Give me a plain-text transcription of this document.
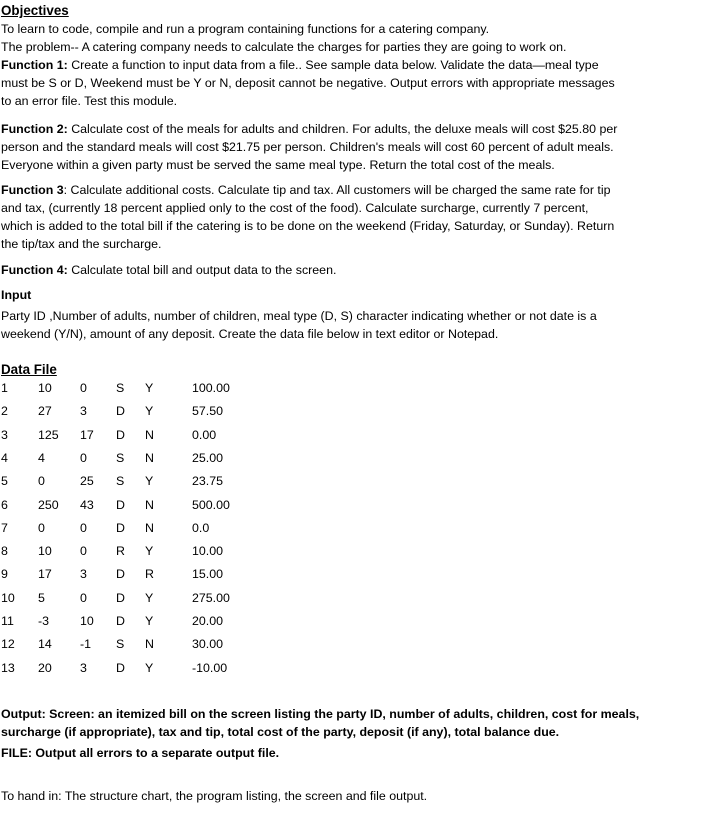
Objectives
To learn to code, compile and run a program containing functions for a catering company.
The problem-- A catering company needs to calculate the charges for parties they are going to work on.
Function 1: Create a function to input data from a file.. See sample data below. Validate the data—meal type
must be S or D, Weekend must be Y or N, deposit cannot be negative. Output errors with appropriate messages
to an error file. Test this module.
Function 2: Calculate cost of the meals for adults and children. For adults, the deluxe meals will cost $25.80 per
person and the standard meals will cost $21.75 per person. Children's meals will cost 60 percent of adult meals.
Everyone within a given party must be served the same meal type. Return the total cost of the meals.
Function 3: Calculate additional costs. Calculate tip and tax. All customers will be charged the same rate for tip
and tax, (currently 18 percent applied only to the cost of the food). Calculate surcharge, currently 7 percent,
which is added to the total bill if the catering is to be done on the weekend (Friday, Saturday, or Sunday). Return
the tip/tax and the surcharge.
Function 4: Calculate total bill and output data to the screen.
Input
Party ID ,Number of adults, number of children, meal type (D, S) character indicating whether or not date is a
weekend (Y/N), amount of any deposit. Create the data file below in text editor or Notepad.
Data File
1 10 0 S Y	100.00
2 27 3 D Y	57.50
3 125 17 D N	0.00
4 4	0 S N	25.00
5 0	25 S Y	23.75
6 250 43 D N	500.00
7 0	0 D N	0.0
8 10 0 R Y	10.00
9 17 3 D R	15.00
10 5	0 D Y	275.00
11 -3 10 D Y	20.00
12 14 -1 S N	30.00
13 20 3 D Y	-10.00
Output: Screen: an itemized bill on the screen listing the party ID, number of adults, children, cost for meals,
surcharge (if appropriate), tax and tip, total cost of the party, deposit (if any), total balance due.
FILE: Output all errors to a separate output file.
To hand in: The structure chart, the program listing, the screen and file output.
